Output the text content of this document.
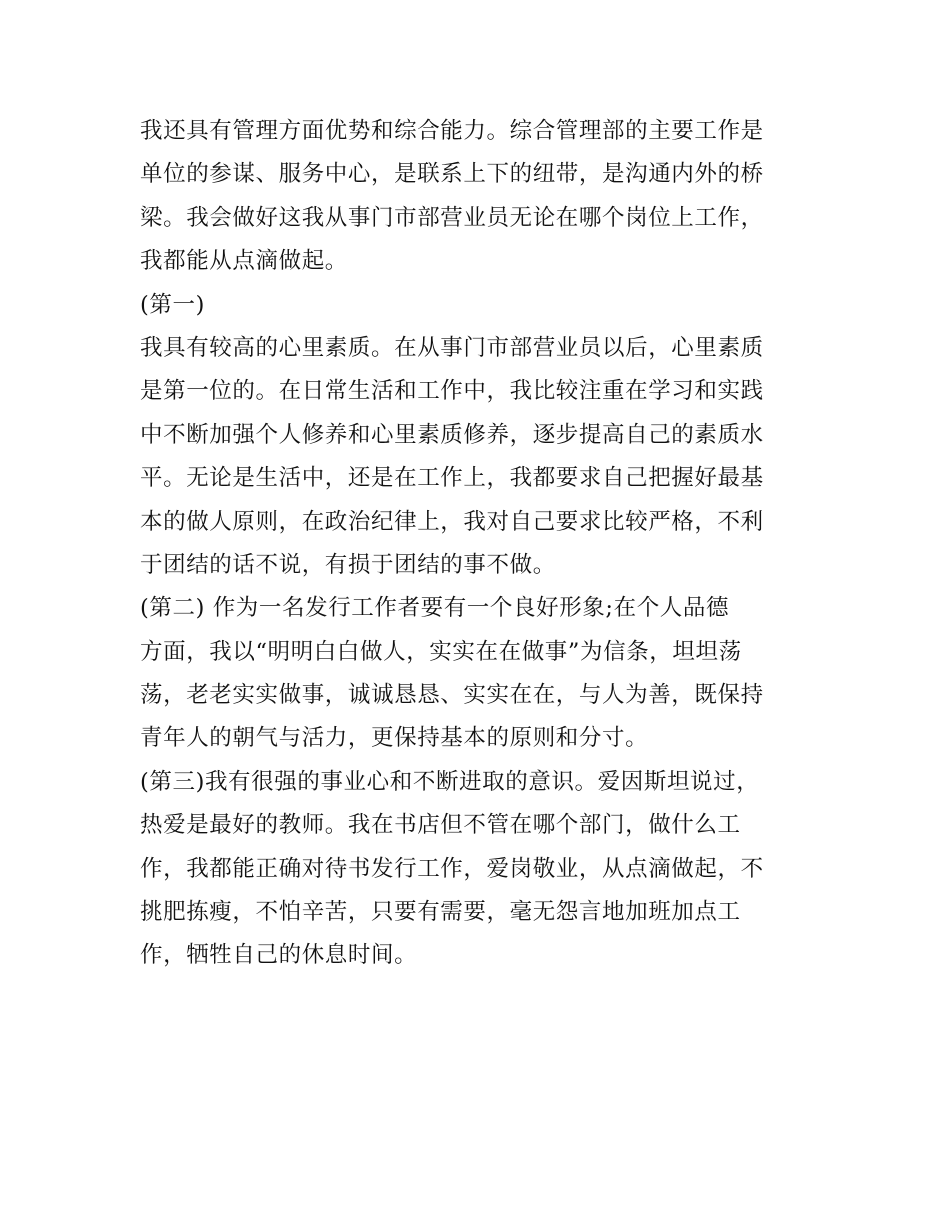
我还具有管理方面优势和综合能力。综合管理部的主要工作是
单位的参谋、服务中心，是联系上下的纽带，是沟通内外的桥
梁。我会做好这我从事门市部营业员无论在哪个岗位上工作，
我都能从点滴做起。
(第一)
我具有较高的心里素质。在从事门市部营业员以后，心里素质
是第一位的。在日常生活和工作中，我比较注重在学习和实践
中不断加强个人修养和心里素质修养，逐步提高自己的素质水
平。无论是生活中，还是在工作上，我都要求自己把握好最基
本的做人原则，在政治纪律上，我对自己要求比较严格，不利
于团结的话不说，有损于团结的事不做。
(第二) 作为一名发行工作者要有一个良好形象;在个人品德
方面，我以“明明白白做人，实实在在做事”为信条，坦坦荡
荡，老老实实做事，诚诚恳恳、实实在在，与人为善，既保持
青年人的朝气与活力，更保持基本的原则和分寸。
(第三)我有很强的事业心和不断进取的意识。爱因斯坦说过，
热爱是最好的教师。我在书店但不管在哪个部门，做什么工
作，我都能正确对待书发行工作，爱岗敬业，从点滴做起，不
挑肥拣瘦，不怕辛苦，只要有需要，毫无怨言地加班加点工
作，牺牲自己的休息时间。
